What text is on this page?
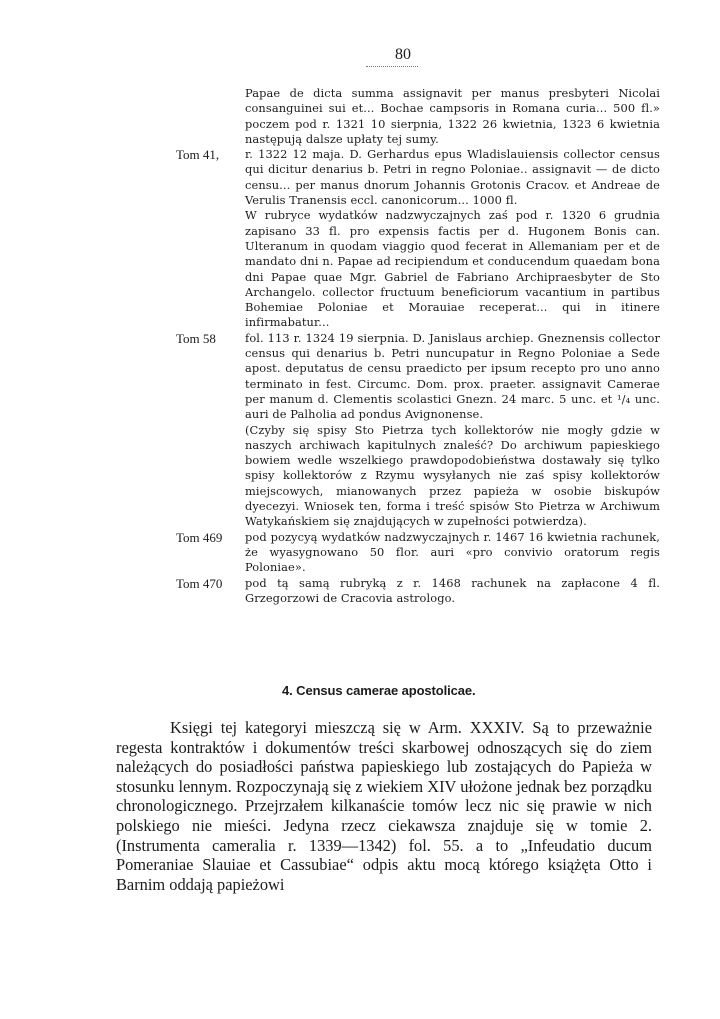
80

Papae de dicta summa assignavit per manus presbyteri Nicolai consanguinei sui et... Bochae campsoris in Romana curia... 500 fl.» poczem pod r. 1321 10 sierpnia, 1322 26 kwietnia, 1323 6 kwietnia następują dalsze upłaty tej sumy.

Tom 41, r. 1322 12 maja. D. Gerhardus epus Wladislauiensis collector census qui dicitur denarius b. Petri in regno Poloniae.. assignavit — de dicto censu... per manus dnorum Johannis Grotonis Cracov. et Andreae de Verulis Tranensis eccl. canonicorum... 1000 fl.

W rubryce wydatków nadzwyczajnych zaś pod r. 1320 6 grudnia zapisano 33 fl. pro expensis factis per d. Hugonem Bonis can. Ulteranum in quodam viaggio quod fecerat in Allemaniam per et de mandato dni n. Papae ad recipiendum et conducendum quaedam bona dni Papae quae Mgr. Gabriel de Fabriano Archipraesbyter de Sto Archangelo. collector fructuum beneficiorum vacantium in partibus Bohemiae Poloniae et Morauiae receperat... qui in itinere infirmabatur...

Tom 58	fol. 113 r. 1324 19 sierpnia. D. Janislaus archiep. Gneznensis collector census qui denarius b. Petri nuncupatur in Regno Poloniae a Sede apost. deputatus de censu praedicto per ipsum recepto pro uno anno terminato in fest. Circumc. Dom. prox. praeter. assignavit Camerae per manum d. Clementis scolastici Gnezn. 24 marc. 5 unc. et ¹/₄ unc. auri de Palholia ad pondus Avignonense.

(Czyby się spisy Sto Pietrza tych kollektorów nie mogły gdzie w naszych archiwach kapitulnych znaleść? Do archiwum papieskiego bowiem wedle wszelkiego prawdopodobieństwa dostawały się tylko spisy kollektorów z Rzymu wysyłanych nie zaś spisy kollektorów miejscowych, mianowanych przez papieża w osobie biskupów dyecezyi. Wniosek ten, forma i treść spisów Sto Pietrza w Archiwum Watykańskiem się znajdujących w zupełności potwierdza).

Tom 469 pod pozycyą wydatków nadzwyczajnych r. 1467 16 kwietnia rachunek, że wyasygnowano 50 flor. auri «pro convivio oratorum regis Poloniae».

Tom 470 pod tą samą rubryką z r. 1468 rachunek na zapłacone 4 fl. Grzegorzowi de Cracovia astrologo.

4. Census camerae apostolicae.

Księgi tej kategoryi mieszczą się w Arm. XXXIV. Są to przeważnie regesta kontraktów i dokumentów treści skarbowej odnoszących się do ziem należących do posiadłości państwa papieskiego lub zostających do Papieża w stosunku lennym. Rozpoczynają się z wiekiem XIV ułożone jednak bez porządku chronologicznego. Przejrzałem kilkanaście tomów lecz nic się prawie w nich polskiego nie mieści. Jedyna rzecz ciekawsza znajduje się w tomie 2. (Instrumenta cameralia r. 1339—1342) fol. 55. a to „Infeudatio ducum Pomeraniae Slauiae et Cassubiae“ odpis aktu mocą którego książęta Otto i Barnim oddają papieżowi
